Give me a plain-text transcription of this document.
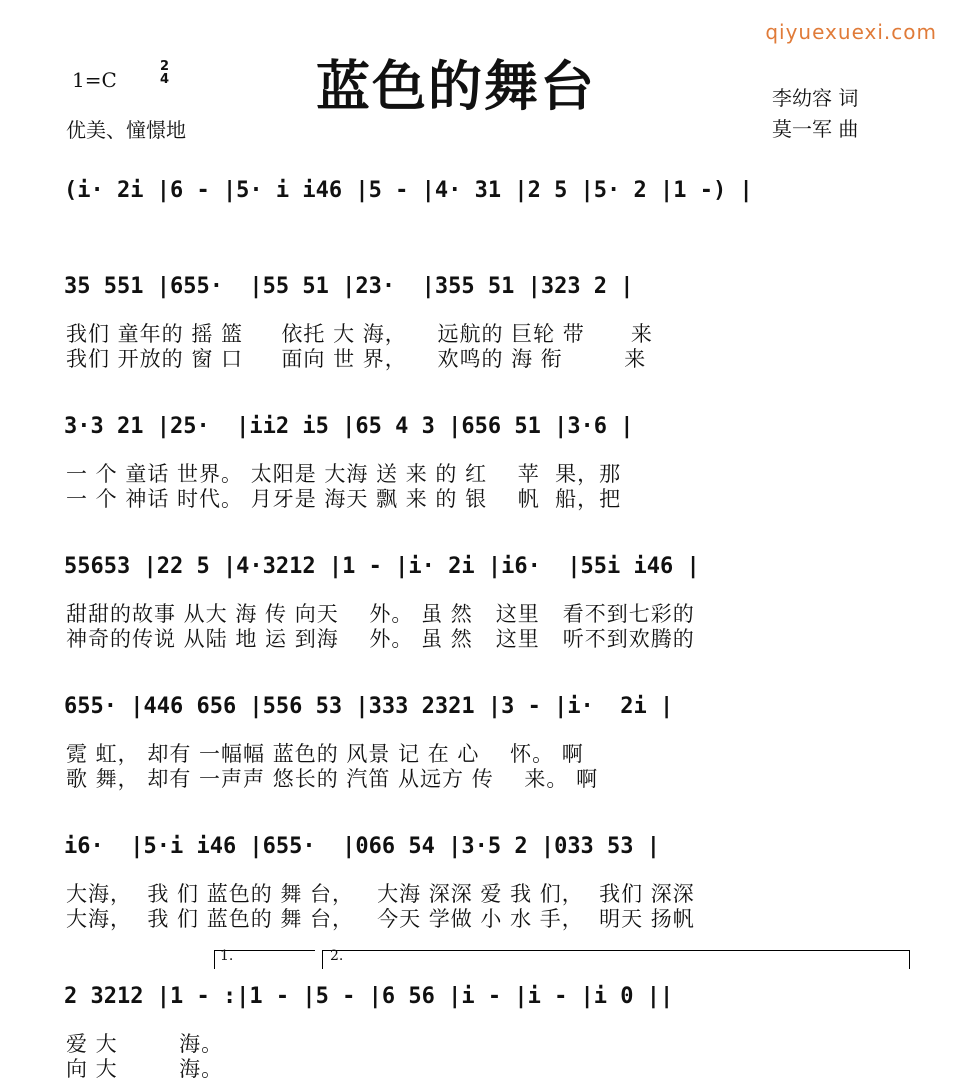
qiyuexuexi.com
1=C
2
4
优美、憧憬地
蓝色的舞台	李幼容 词
莫一军 曲
(i· 2i |6 - |5· i i46 |5 - |4· 31 |2 5 |5· 2 |1 -) |
35 551 |655·  |55 51 |23·  |355 51 |323 2 |
我们 童年的 摇 篮     依托 大 海，    远航的 巨轮 带      来
我们 开放的 窗 口     面向 世 界，    欢鸣的 海 衔        来
3·3 21 |25·  |ii2 i5 |65 4 3 |656 51 |3·6 |
一 个 童话 世界。 太阳是 大海 送 来 的 红    苹  果，那
一 个 神话 时代。 月牙是 海天 飘 来 的 银    帆  船，把
55653 |22 5 |4·3212 |1 - |i· 2i |i6·  |55i i46 |
甜甜的故事 从大 海 传 向天    外。 虽 然   这里   看不到七彩的
神奇的传说 从陆 地 运 到海    外。 虽 然   这里   听不到欢腾的
655· |446 656 |556 53 |333 2321 |3 - |i·  2i |
霓 虹， 却有 一幅幅 蓝色的 风景 记 在 心    怀。 啊
歌 舞， 却有 一声声 悠长的 汽笛 从远方 传    来。 啊
i6·  |5·i i46 |655·  |066 54 |3·5 2 |033 53 |
大海，  我 们 蓝色的 舞 台，   大海 深深 爱 我 们，  我们 深深
大海，  我 们 蓝色的 舞 台，   今天 学做 小 水 手，  明天 扬帆
1.	2.
2 3212 |1 - :|1 - |5 - |6 56 |i - |i - |i 0 ||
爱 大        海。
向 大        海。
